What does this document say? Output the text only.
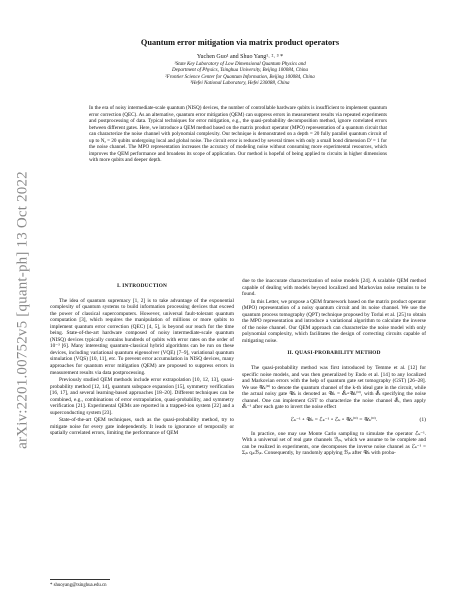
arXiv:2201.00752v5 [quant-ph] 13 Oct 2022
Quantum error mitigation via matrix product operators
Yuchen Guo¹ and Shuo Yang¹˒ ²˒ ³ *
¹State Key Laboratory of Low Dimensional Quantum Physics and
Department of Physics, Tsinghua University, Beijing 100084, China
²Frontier Science Center for Quantum Information, Beijing 100084, China
³Hefei National Laboratory, Hefei 230088, China

In the era of noisy intermediate-scale quantum (NISQ) devices, the number of controllable hardware qubits is insufficient to implement quantum error correction (QEC). As an alternative, quantum error mitigation (QEM) can suppress errors in measurement results via repeated experiments and postprocessing of data. Typical techniques for error mitigation, e.g., the quasi-probability decomposition method, ignore correlated errors between different gates. Here, we introduce a QEM method based on the matrix product operator (MPO) representation of a quantum circuit that can characterize the noise channel with polynomial complexity. Our technique is demonstrated on a depth = 20 fully parallel quantum circuit of up to Nₐ = 20 qubits undergoing local and global noise. The circuit error is reduced by several times with only a small bond dimension D' = 1 for the noise channel. The MPO representation increases the accuracy of modeling noise without consuming more experimental resources, which improves the QEM performance and broadens its scope of application. Our method is hopeful of being applied to circuits in higher dimensions with more qubits and deeper depth.

I. INTRODUCTION

The idea of quantum supremacy [1, 2] is to take advantage of the exponential complexity of quantum systems to build information processing devices that exceed the power of classical supercomputers. However, universal fault-tolerant quantum computation [3], which requires the manipulation of millions or more qubits to implement quantum error correction (QEC) [4, 5], is beyond our reach for the time being. State-of-the-art hardware composed of noisy intermediate-scale quantum (NISQ) devices typically contains hundreds of qubits with error rates on the order of 10⁻³ [6]. Many interesting quantum-classical hybrid algorithms can be run on these devices, including variational quantum eigensolver (VQE) [7–9], variational quantum simulation (VQS) [10, 11], etc. To prevent error accumulation in NISQ devices, many approaches for quantum error mitigation (QEM) are proposed to suppress errors in measurement results via data postprocessing.

Previously studied QEM methods include error extrapolation [10, 12, 13], quasi-probability method [12, 14], quantum subspace expansion [15], symmetry verification [16, 17], and several learning-based approaches [18–20]. Different techniques can be combined, e.g., combinations of error extrapolation, quasi-probability, and symmetry verification [21]. Experimental QEMs are reported in a trapped-ion system [22] and a superconducting system [23].

State-of-the-art QEM techniques, such as the quasi-probability method, try to mitigate noise for every gate independently. It leads to ignorance of temporally or spatially correlated errors, limiting the performance of QEM

due to the inaccurate characterization of noise models [24]. A scalable QEM method capable of dealing with models beyond localized and Markovian noise remains to be found.

In this Letter, we propose a QEM framework based on the matrix product operator (MPO) representation of a noisy quantum circuit and its noise channel. We use the quantum process tomography (QPT) technique proposed by Torlai et al. [25] to obtain the MPO representation and introduce a variational algorithm to calculate the inverse of the noise channel. Our QEM approach can characterize the noise model with only polynomial complexity, which facilitates the design of correcting circuits capable of mitigating noise.

II. QUASI-PROBABILITY METHOD

The quasi-probability method was first introduced by Temme et al. [12] for specific noise models, and was then generalized by Endo et al. [14] to any localized and Markovian errors with the help of quantum gate set tomography (GST) [26–28]. We use 𝒰ₖ⁽⁰⁾ to denote the quantum channel of the k-th ideal gate in the circuit, while the actual noisy gate 𝒰ₖ is denoted as 𝒰ₖ = ℰₖ∘𝒰ₖ⁽⁰⁾, with ℰₖ specifying the noise channel. One can implement GST to characterize the noise channel ℰₖ, then apply ℰₖ⁻¹ after each gate to invert the noise effect

ℰₖ⁻¹ ∘ 𝒰ₖ = ℰₖ⁻¹ ∘ ℰₖ ∘ 𝒰ₖ⁽⁰⁾ = 𝒰ₖ⁽⁰⁾.	(1)

In practice, one may use Monte Carlo sampling to simulate the operator ℰₖ⁻¹. With a universal set of real gate channels ℬᵢₖ, which we assume to be complete and can be realized in experiments, one decomposes the inverse noise channel as ℰₖ⁻¹ = Σᵢₖ qᵢₖℬᵢₖ. Consequently, by randomly applying ℬᵢₖ after 𝒰ₖ with proba-

* shuoyang@tsinghua.edu.cn
